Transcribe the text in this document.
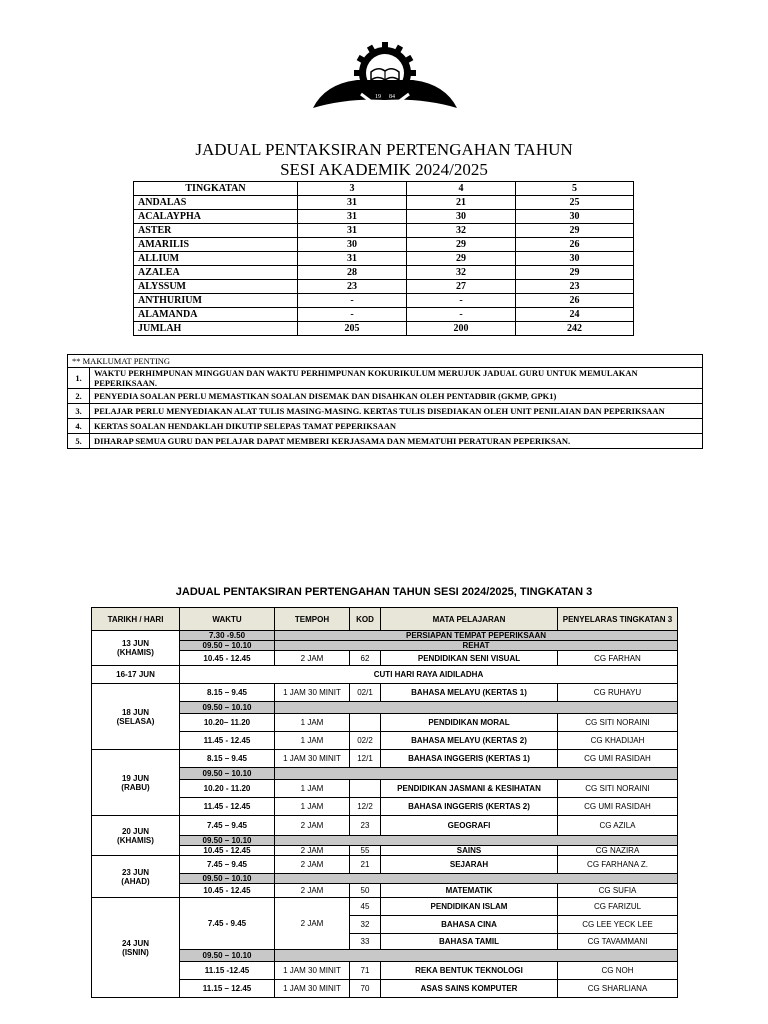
19 84
JADUAL PENTAKSIRAN PERTENGAHAN TAHUN
SESI AKADEMIK 2024/2025
TINGKATAN	3	4	5
ANDALAS	31	21	25
ACALAYPHA	31	30	30
ASTER	31	32	29
AMARILIS	30	29	26
ALLIUM	31	29	30
AZALEA	28	32	29
ALYSSUM	23	27	23
ANTHURIUM	-	-	26
ALAMANDA	-	-	24
JUMLAH	205	200	242
** MAKLUMAT PENTING	
1.	WAKTU PERHIMPUNAN MINGGUAN DAN WAKTU PERHIMPUNAN KOKURIKULUM MERUJUK JADUAL GURU UNTUK MEMULAKAN PEPERIKSAAN.
2.	PENYEDIA SOALAN PERLU MEMASTIKAN SOALAN DISEMAK DAN DISAHKAN OLEH PENTADBIR (GKMP, GPK1)
3.	PELAJAR PERLU MENYEDIAKAN ALAT TULIS MASING-MASING. KERTAS TULIS DISEDIAKAN OLEH UNIT PENILAIAN DAN PEPERIKSAAN
4.	KERTAS SOALAN HENDAKLAH DIKUTIP SELEPAS TAMAT PEPERIKSAAN
5.	DIHARAP SEMUA GURU DAN PELAJAR DAPAT MEMBERI KERJASAMA DAN MEMATUHI PERATURAN PEPERIKSAN.
JADUAL PENTAKSIRAN PERTENGAHAN TAHUN SESI 2024/2025, TINGKATAN 3
TARIKH / HARI	WAKTU	TEMPOH	KOD	MATA PELAJARAN	PENYELARAS TINGKATAN 3
13 JUN
(KHAMIS)	7.30 -9.50	PERSIAPAN TEMPAT PEPERIKSAAN			
	09.50 – 10.10	REHAT			
	10.45 - 12.45	2 JAM	62	PENDIDIKAN SENI VISUAL	CG FARHAN
16-17 JUN	CUTI HARI RAYA AIDILADHA				
18 JUN
(SELASA)	8.15 – 9.45	1 JAM 30 MINIT	02/1	BAHASA MELAYU (KERTAS 1)	CG RUHAYU
	09.50 – 10.10				
	10.20– 11.20	1 JAM		PENDIDIKAN MORAL	CG SITI NORAINI
	11.45 - 12.45	1 JAM	02/2	BAHASA MELAYU (KERTAS 2)	CG KHADIJAH
19 JUN
(RABU)	8.15 – 9.45	1 JAM 30 MINIT	12/1	BAHASA INGGERIS (KERTAS 1)	CG UMI RASIDAH
	09.50 – 10.10				
	10.20 - 11.20	1 JAM		PENDIDIKAN JASMANI & KESIHATAN	CG SITI NORAINI
	11.45 - 12.45	1 JAM	12/2	BAHASA INGGERIS (KERTAS 2)	CG UMI RASIDAH
20 JUN
(KHAMIS)	7.45 – 9.45	2 JAM	23	GEOGRAFI	CG AZILA
	09.50 – 10.10				
	10.45 - 12.45	2 JAM	55	SAINS	CG NAZIRA
23 JUN
(AHAD)	7.45 – 9.45	2 JAM	21	SEJARAH	CG FARHANA Z.
	09.50 – 10.10				
	10.45 - 12.45	2 JAM	50	MATEMATIK	CG SUFIA
24 JUN
(ISNIN)	7.45 - 9.45	2 JAM	45	PENDIDIKAN ISLAM	CG FARIZUL
			32	BAHASA CINA	CG LEE YECK LEE
			33	BAHASA TAMIL	CG TAVAMMANI
	09.50 – 10.10				
	11.15 -12.45	1 JAM 30 MINIT	71	REKA BENTUK TEKNOLOGI	CG NOH
	11.15 – 12.45	1 JAM 30 MINIT	70	ASAS SAINS KOMPUTER	CG SHARLIANA
